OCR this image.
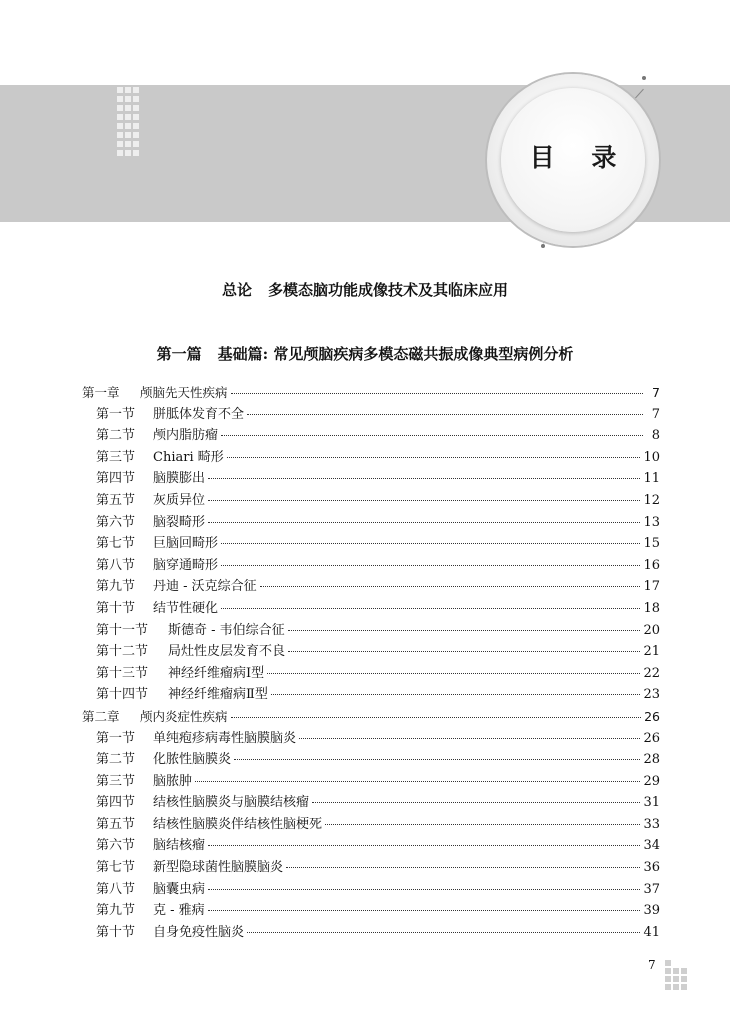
目 录
总论 多模态脑功能成像技术及其临床应用
第一篇 基础篇: 常见颅脑疾病多模态磁共振成像典型病例分析
第一章	颅脑先天性疾病	7
第一节	胼胝体发育不全	7
第二节	颅内脂肪瘤	8
第三节	Chiari 畸形	10
第四节	脑膜膨出	11
第五节	灰质异位	12
第六节	脑裂畸形	13
第七节	巨脑回畸形	15
第八节	脑穿通畸形	16
第九节	丹迪 - 沃克综合征	17
第十节	结节性硬化	18
第十一节	斯德奇 - 韦伯综合征	20
第十二节	局灶性皮层发育不良	21
第十三节	神经纤维瘤病Ⅰ型	22
第十四节	神经纤维瘤病Ⅱ型	23
第二章	颅内炎症性疾病	26
第一节	单纯疱疹病毒性脑膜脑炎	26
第二节	化脓性脑膜炎	28
第三节	脑脓肿	29
第四节	结核性脑膜炎与脑膜结核瘤	31
第五节	结核性脑膜炎伴结核性脑梗死	33
第六节	脑结核瘤	34
第七节	新型隐球菌性脑膜脑炎	36
第八节	脑囊虫病	37
第九节	克 - 雅病	39
第十节	自身免疫性脑炎	41
7
